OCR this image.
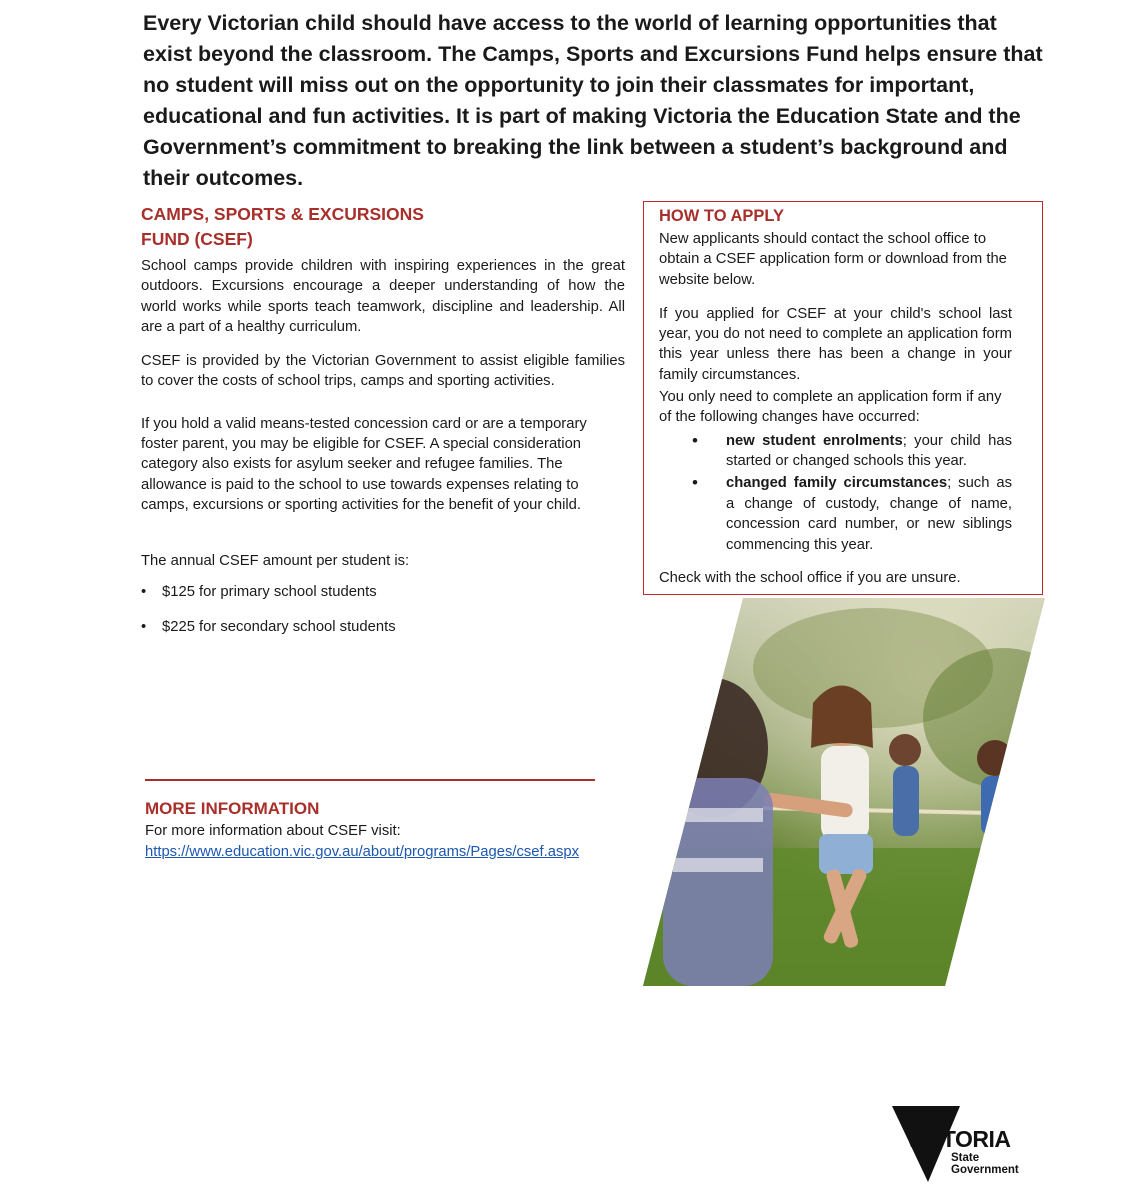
Every Victorian child should have access to the world of learning opportunities that exist beyond the classroom. The Camps, Sports and Excursions Fund helps ensure that no student will miss out on the opportunity to join their classmates for important, educational and fun activities. It is part of making Victoria the Education State and the Government’s commitment to breaking the link between a student’s background and their outcomes.
CAMPS, SPORTS & EXCURSIONS
FUND (CSEF)

School camps provide children with inspiring experiences in the great outdoors. Excursions encourage a deeper understanding of how the world works while sports teach teamwork, discipline and leadership. All are a part of a healthy curriculum.

CSEF is provided by the Victorian Government to assist eligible families to cover the costs of school trips, camps and sporting activities.

If you hold a valid means-tested concession card or are a temporary foster parent, you may be eligible for CSEF. A special consideration category also exists for asylum seeker and refugee families. The allowance is paid to the school to use towards expenses relating to camps, excursions or sporting activities for the benefit of your child.

The annual CSEF amount per student is:

• $125 for primary school students
• $225 for secondary school students
HOW TO APPLY

New applicants should contact the school office to obtain a CSEF application form or download from the website below.

If you applied for CSEF at your child's school last year, you do not need to complete an application form this year unless there has been a change in your family circumstances.

You only need to complete an application form if any of the following changes have occurred:

• new student enrolments; your child has started or changed schools this year.
• changed family circumstances; such as a change of custody, change of name, concession card number, or new siblings commencing this year.

Check with the school office if you are unsure.

MORE INFORMATION

For more information about CSEF visit:

https://www.education.vic.gov.au/about/programs/Pages/csef.aspx
VICTORIA
State
Government
